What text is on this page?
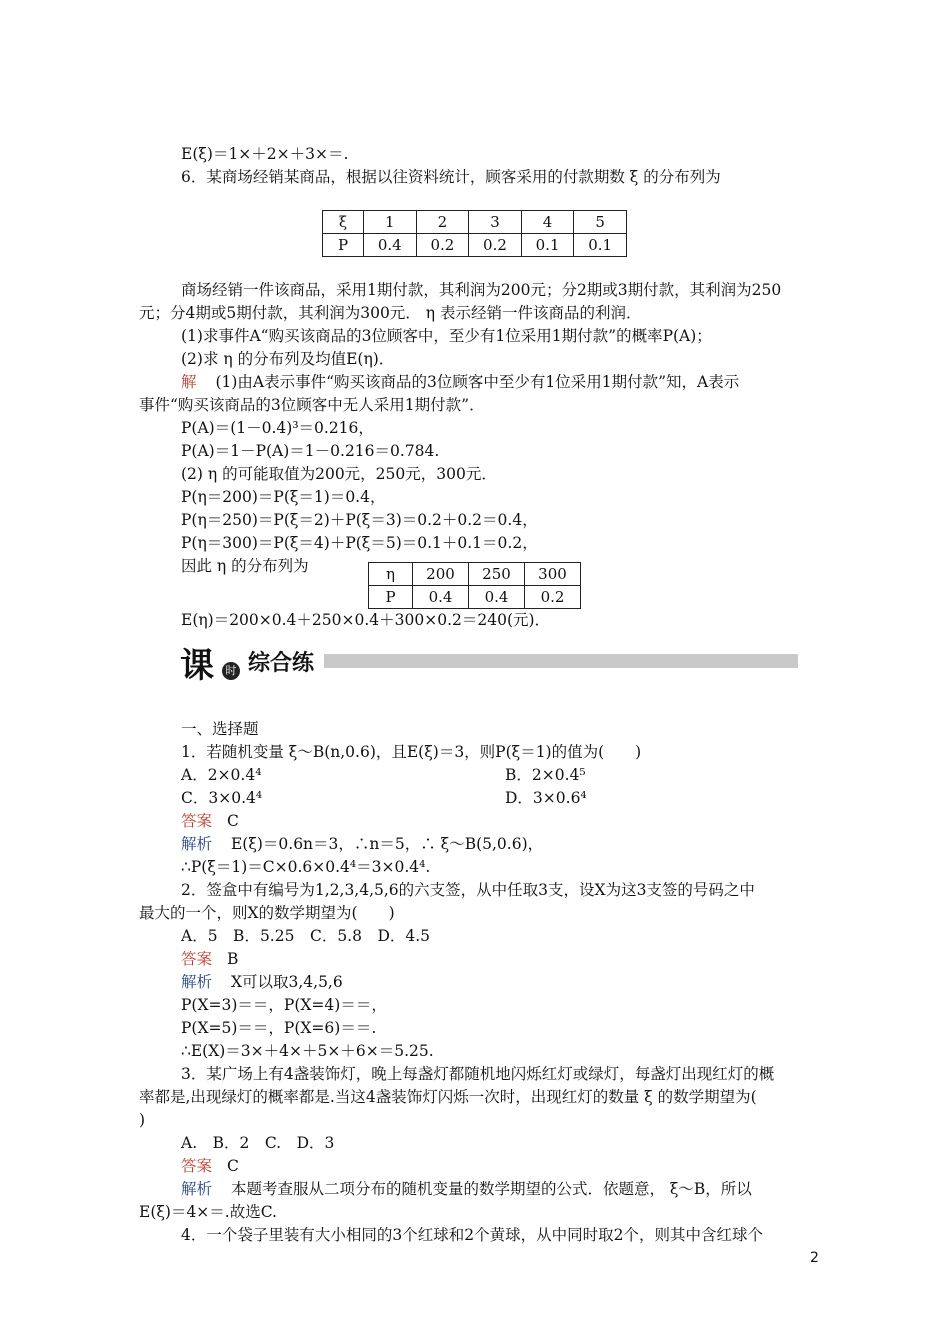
E(ξ)＝1×＋2×＋3×＝.
6．某商场经销某商品，根据以往资料统计，顾客采用的付款期数 ξ 的分布列为
ξ	1	2	3	4	5
P	0.4	0.2	0.2	0.1	0.1
商场经销一件该商品，采用1期付款，其利润为200元；分2期或3期付款，其利润为250
元；分4期或5期付款，其利润为300元． η 表示经销一件该商品的利润．
(1)求事件A“购买该商品的3位顾客中，至少有1位采用1期付款”的概率P(A)；
(2)求 η 的分布列及均值E(η)．
解 (1)由A表示事件“购买该商品的3位顾客中至少有1位采用1期付款”知，A表示
事件“购买该商品的3位顾客中无人采用1期付款”．
P(A)＝(1－0.4)³＝0.216，
P(A)＝1－P(A)＝1－0.216＝0.784.
(2) η 的可能取值为200元，250元，300元．
P(η＝200)＝P(ξ＝1)＝0.4，
P(η＝250)＝P(ξ＝2)＋P(ξ＝3)＝0.2＋0.2＝0.4，
P(η＝300)＝P(ξ＝4)＋P(ξ＝5)＝0.1＋0.1＝0.2，
因此 η 的分布列为	η	200	250	300
P	0.4	0.4	0.2
E(η)＝200×0.4＋250×0.4＋300×0.2＝240(元)．
课	时 综合练
一、选择题
1．若随机变量 ξ～B(n,0.6)，且E(ξ)＝3，则P(ξ＝1)的值为(　　)
A．2×0.4⁴	B．2×0.4⁵
C．3×0.4⁴	D．3×0.6⁴
答案 C
解析 E(ξ)＝0.6n＝3，∴n＝5，∴ ξ～B(5,0.6)，
∴P(ξ＝1)＝C×0.6×0.4⁴＝3×0.4⁴.
2．签盒中有编号为1,2,3,4,5,6的六支签，从中任取3支，设X为这3支签的号码之中
最大的一个，则X的数学期望为(　　)
A．5　B．5.25　C．5.8　D．4.5
答案 B
解析 X可以取3,4,5,6
P(X=3)＝＝，P(X=4)＝＝，
P(X=5)＝＝，P(X=6)＝＝.
∴E(X)＝3×＋4×＋5×＋6×＝5.25.
3．某广场上有4盏装饰灯，晚上每盏灯都随机地闪烁红灯或绿灯，每盏灯出现红灯的概
率都是,出现绿灯的概率都是.当这4盏装饰灯闪烁一次时，出现红灯的数量 ξ 的数学期望为(
)
A.　B．2　C.　D．3
答案 C
解析 本题考查服从二项分布的随机变量的数学期望的公式．依题意， ξ～B，所以
E(ξ)＝4×＝.故选C.
4．一个袋子里装有大小相同的3个红球和2个黄球，从中同时取2个，则其中含红球个
2
